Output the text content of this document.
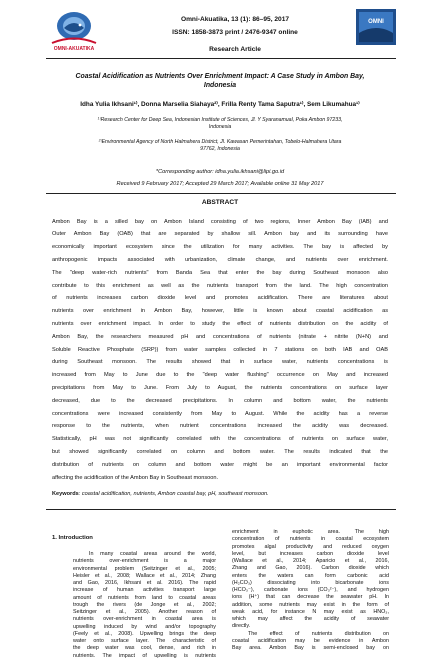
OMNI-AKUATIKA
OMNI
Omni-Akuatika, 13 (1): 86–95, 2017
ISSN: 1858-3873 print / 2476-9347 online
Research Article
Coastal Acidification as Nutrients Over Enrichment Impact: A Case Study in Ambon Bay,
Indonesia
Idha Yulia Ikhsani¹⁾, Donna Marselia Siahaya²⁾, Frilla Renty Tama Saputra¹⁾, Sem Likumahua¹⁾
¹⁾Research Center for Deep Sea, Indonesian Institute of Sciences, Jl. Y Syaranamual, Poka Ambon 97233,
Indonesia
²⁾Environmental Agency of North Halmahera District, Jl. Kawasan Pemerintahan, Tobelo-Halmahera Utara
97762, Indonesia
*Corresponding author: idha.yulia.ikhsani@lipi.go.id
Received 9 February 2017; Accepted 29 March 2017; Available online 31 May 2017
ABSTRACT

Ambon Bay is a silled bay on Ambon Island consisting of two regions, Inner Ambon Bay (IAB) and

Outer Ambon Bay (OAB) that are separated by shallow sill. Ambon bay and its surrounding have

economically important ecosystem since the utilization for many activities. The bay is affected by

anthropogenic impacts associated with urbanization, climate change, and nutrients over enrichment.

The "deep water-rich nutrients" from Banda Sea that enter the bay during Southeast monsoon also

contribute to this enrichment as well as the nutrients transport from the land. The high concentration

of nutrients increases carbon dioxide level and promotes acidification. There are literatures about

nutrients over enrichment in Ambon Bay, however, little is known about coastal acidification as

nutrients over enrichment impact. In order to study the effect of nutrients distribution on the acidity of

Ambon Bay, the researchers measured pH and concentrations of nutrients (nitrate + nitrite (N+N) and

Soluble Reactive Phosphate (SRP)) from water samples collected in 7 stations on both IAB and OAB

during Southeast monsoon. The results showed that in surface water, nutrients concentrations is

increased from May to June due to the "deep water flushing" occurrence on May and increased

precipitations from May to June. From July to August, the nutrients concentrations on surface layer

decreased, due to the decreased precipitations. In column and bottom water, the nutrients

concentrations were increased consistently from May to August. While the acidity has a reverse

response to the nutrients, when nutrient concentrations increased the acidity was decreased.

Statistically, pH was not significantly correlated with the concentrations of nutrients on surface water,

but showed significantly correlated on column and bottom water. The results indicated that the

distribution of nutrients on column and bottom water might be an important environmental factor

affecting the acidification of the Ambon Bay in Southeast monsoon.

Keywords: coastal acidification, nutrients, Ambon coastal bay, pH, southeast monsoon.
1. Introduction

In many coastal areas around the world,

nutrients over-enrichment is a major

environmental problem (Seitzinger et al., 2005;

Heisler et al., 2008; Wallace et al., 2014; Zhang

and Gao, 2016, Ikhsani et al. 2016). The rapid

increase of human activities transport large

amount of nutrients from land to coastal areas

trough the rivers (de Jonge et al., 2002;

Seitzinger et al., 2005). Another reason of

nutrients over-enrichment in coastal area is

upwelling induced by wind and/or topography

(Feely et al., 2008). Upwelling brings the deep

water onto surface layer. The characteristic of

the deep water was cool, dense, and rich in

nutrients. The impact of upwelling is nutrients

enrichment in euphotic area. The high

concentration of nutrients in coastal ecosystem

promotes algal productivity and reduced oxygen

level, but increases carbon dioxide level

(Wallace et al., 2014; Aparicio et al., 2016,

Zhang and Gao, 2016). Carbon dioxide which

enters the waters can form carbonic acid

(H₂CO₃) dissociating into bicarbonate ions

(HCO₃⁻), carbonate ions (CO₃²⁻), and hydrogen

ions (H⁺) that can decrease the seawater pH. In

addition, some nutrients may exist in the form of

weak acid, for instance N may exist as HNO₃,

which may affect the acidity of seawater

directly.

The effect of nutrients distribution on

coastal acidification may be evidence in Ambon

Bay area. Ambon Bay is semi-enclosed bay on
